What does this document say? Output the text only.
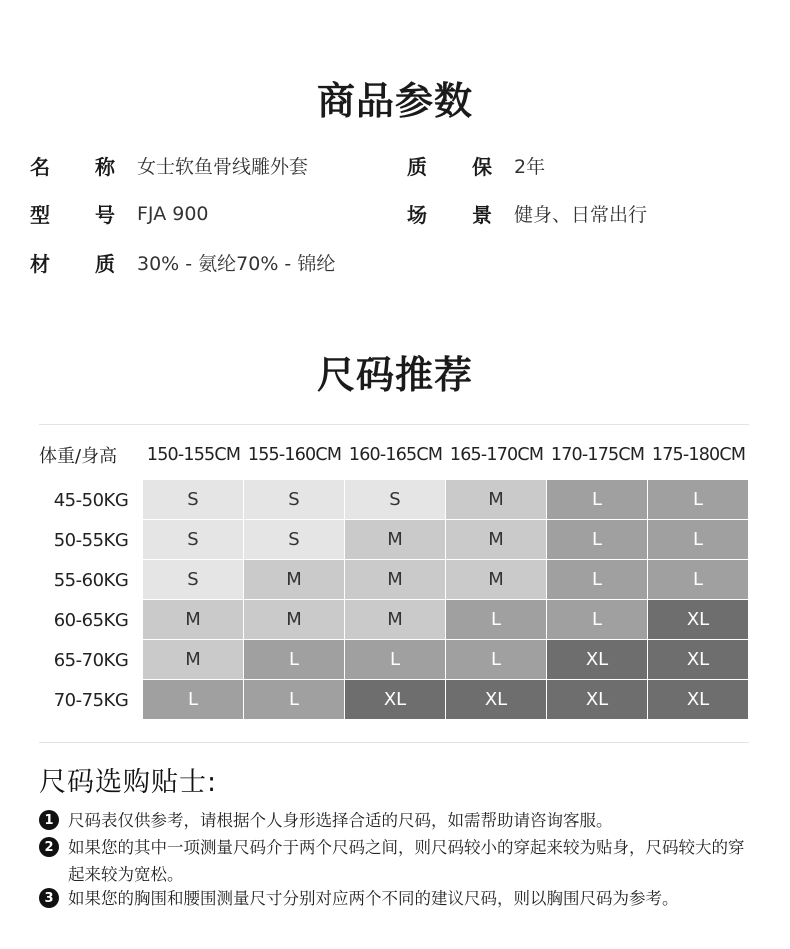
商品参数
名 称 女士软鱼骨线雕外套
型 号 FJA 900
材 质 30% - 氨纶70% - 锦纶
质 保 2年
场 景 健身、日常出行
尺码推荐
体重/身高	150-155CM 155-160CM 160-165CM 165-170CM 170-175CM 175-180CM
45-50KG	S	S	S	M	L	L
50-55KG	S	S	M	M	L	L
55-60KG	S	M	M	M	L	L
60-65KG	M	M	M	L	L	XL
65-70KG	M	L	L	L	XL	XL
70-75KG	L	L	XL	XL	XL	XL
尺码选购贴士:
1 尺码表仅供参考，请根据个人身形选择合适的尺码，如需帮助请咨询客服。
2 如果您的其中一项测量尺码介于两个尺码之间，则尺码较小的穿起来较为贴身，尺码较大的穿起来较为宽松。
3 如果您的胸围和腰围测量尺寸分别对应两个不同的建议尺码，则以胸围尺码为参考。
